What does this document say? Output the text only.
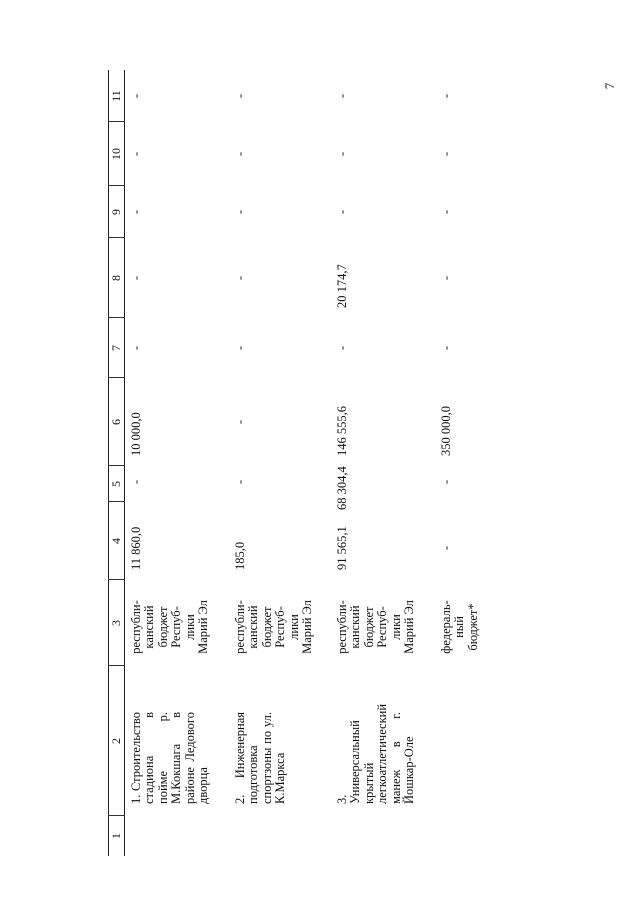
7
1
2
3
4
5
6
7
8
9
10
11
1. Строительство стадиона в пойме р. М.Кокшага в районе Ледового дворца
республи-
канский
бюджет
Респуб-
лики
Марий Эл
11 860,0
-
10 000,0
-
-
-
-
-
2. Инженерная подготовка спортзоны по ул. К.Маркса
республи-
канский
бюджет
Респуб-
лики
Марий Эл
185,0
-
-
-
-
-
-
-
3. Универсальный крытый легкоатлетический манеж в г. Йошкар-Оле
республи-
канский
бюджет
Респуб-
лики
Марий Эл
91 565,1
68 304,4
146 555,6
-
20 174,7
-
-
-
федераль-
ный
бюджет*
-
-
350 000,0
-
-
-
-
-
